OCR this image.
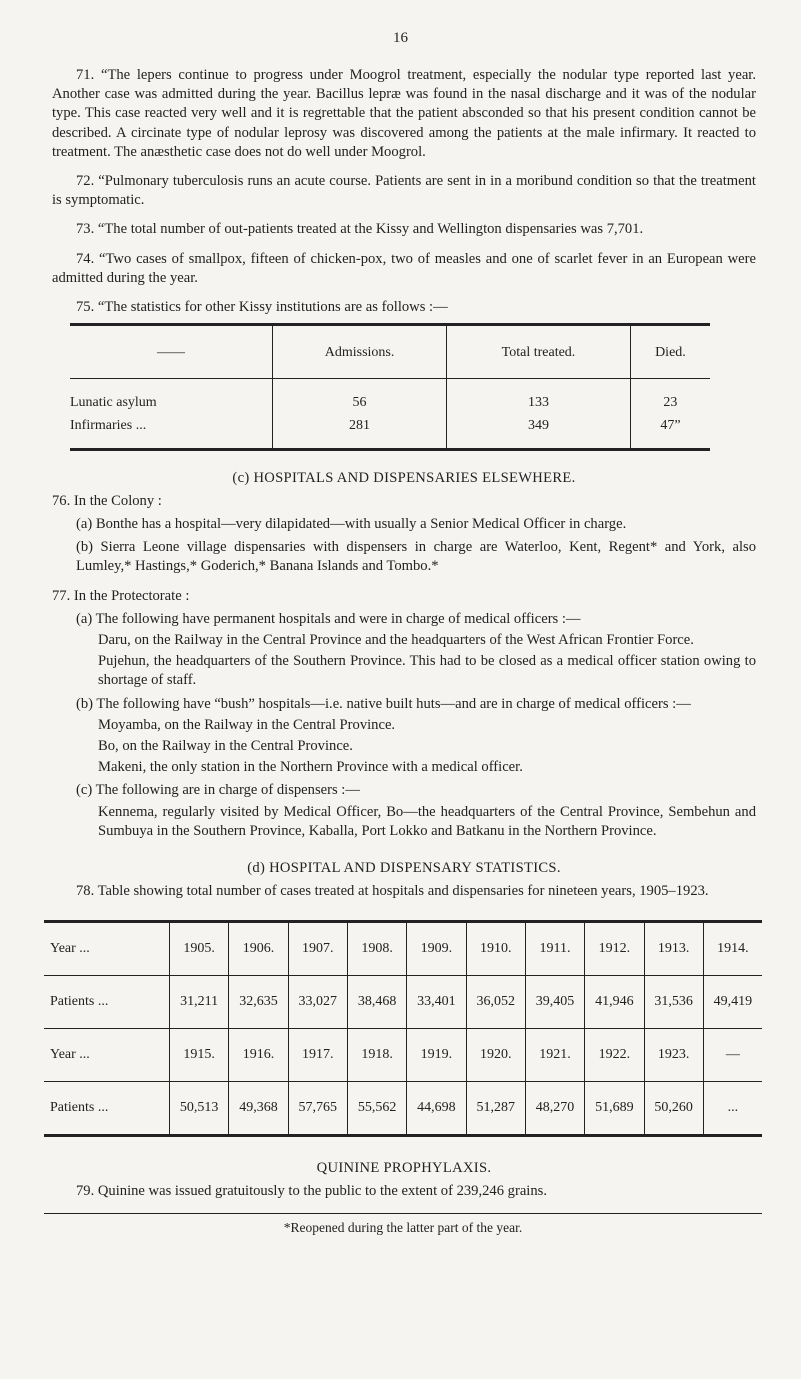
16

71. “The lepers continue to progress under Moogrol treatment, especially the nodular type reported last year. Another case was admitted during the year. Bacillus lepræ was found in the nasal discharge and it was of the nodular type. This case reacted very well and it is regrettable that the patient absconded so that his present condition cannot be described. A circinate type of nodular leprosy was discovered among the patients at the male infirmary. It reacted to treatment. The anæsthetic case does not do well under Moogrol.

72. “Pulmonary tuberculosis runs an acute course. Patients are sent in in a moribund condition so that the treatment is symptomatic.

73. “The total number of out-patients treated at the Kissy and Wellington dispensaries was 7,701.

74. “Two cases of smallpox, fifteen of chicken-pox, two of measles and one of scarlet fever in an European were admitted during the year.

75. “The statistics for other Kissy institutions are as follows :—

——	Admissions.	Total treated.	Died.
Lunatic asylum	56	133	23
Infirmaries ...	281	349	47”
(c) HOSPITALS AND DISPENSARIES ELSEWHERE.

76. In the Colony :

(a) Bonthe has a hospital—very dilapidated—with usually a Senior Medical Officer in charge.

(b) Sierra Leone village dispensaries with dispensers in charge are Waterloo, Kent, Regent* and York, also Lumley,* Hastings,* Goderich,* Banana Islands and Tombo.*

77. In the Protectorate :

(a) The following have permanent hospitals and were in charge of medical officers :—

Daru, on the Railway in the Central Province and the headquarters of the West African Frontier Force.

Pujehun, the headquarters of the Southern Province. This had to be closed as a medical officer station owing to shortage of staff.

(b) The following have “bush” hospitals—i.e. native built huts—and are in charge of medical officers :—

Moyamba, on the Railway in the Central Province.

Bo, on the Railway in the Central Province.

Makeni, the only station in the Northern Province with a medical officer.

(c) The following are in charge of dispensers :—

Kennema, regularly visited by Medical Officer, Bo—the headquarters of the Central Province, Sembehun and Sumbuya in the Southern Province, Kaballa, Port Lokko and Batkanu in the Northern Province.

(d) HOSPITAL AND DISPENSARY STATISTICS.

78. Table showing total number of cases treated at hospitals and dispensaries for nineteen years, 1905–1923.

Year ...	1905.	1906.	1907.	1908.	1909.	1910.	1911.	1912.	1913.	1914.
Patients ...	31,211	32,635	33,027	38,468	33,401	36,052	39,405	41,946	31,536	49,419
Year ...	1915.	1916.	1917.	1918.	1919.	1920.	1921.	1922.	1923.	—
Patients ...	50,513	49,368	57,765	55,562	44,698	51,287	48,270	51,689	50,260	...
QUININE PROPHYLAXIS.

79. Quinine was issued gratuitously to the public to the extent of 239,246 grains.

*Reopened during the latter part of the year.
